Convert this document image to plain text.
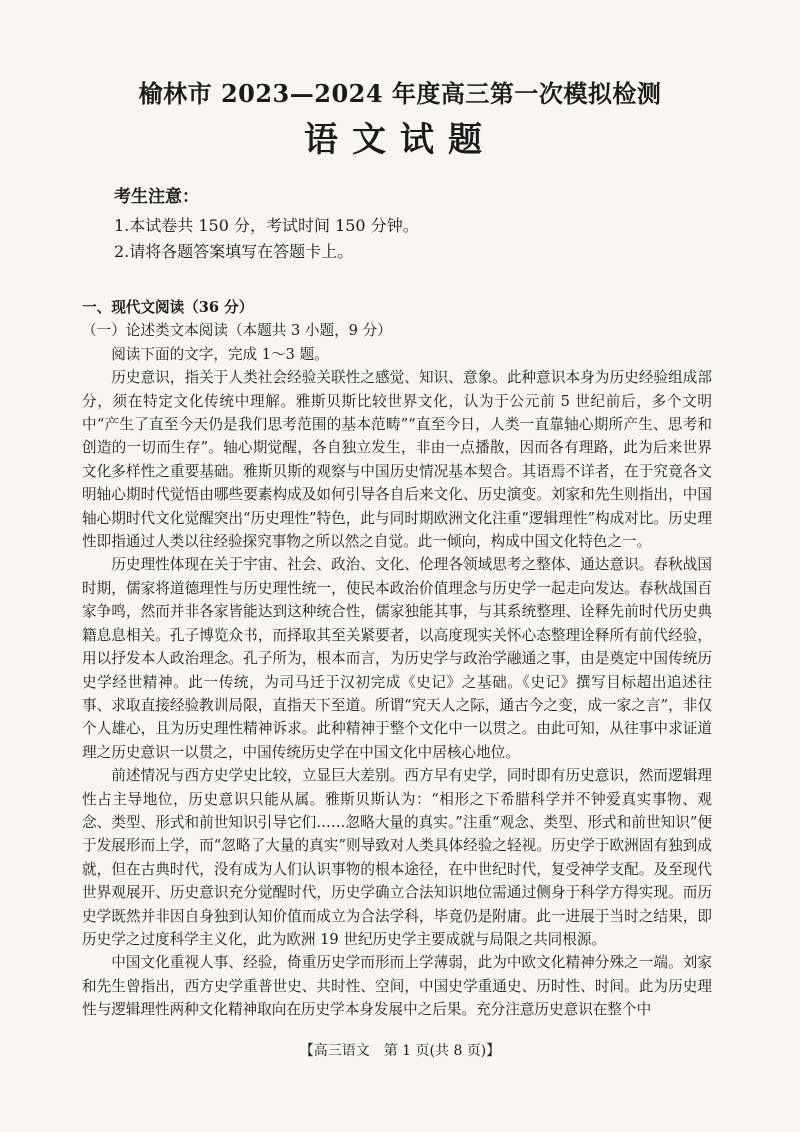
榆林市 2023—2024 年度高三第一次模拟检测
语文试题
考生注意：
1.本试卷共 150 分，考试时间 150 分钟。
2.请将各题答案填写在答题卡上。
一、现代文阅读（36 分）
（一）论述类文本阅读（本题共 3 小题，9 分）

阅读下面的文字，完成 1～3 题。

历史意识，指关于人类社会经验关联性之感觉、知识、意象。此种意识本身为历史经验组成部分，须在特定文化传统中理解。雅斯贝斯比较世界文化，认为于公元前 5 世纪前后，多个文明中“产生了直至今天仍是我们思考范围的基本范畴”“直至今日，人类一直靠轴心期所产生、思考和创造的一切而生存”。轴心期觉醒，各自独立发生，非由一点播散，因而各有理路，此为后来世界文化多样性之重要基础。雅斯贝斯的观察与中国历史情况基本契合。其语焉不详者，在于究竟各文明轴心期时代觉悟由哪些要素构成及如何引导各自后来文化、历史演变。刘家和先生则指出，中国轴心期时代文化觉醒突出“历史理性”特色，此与同时期欧洲文化注重“逻辑理性”构成对比。历史理性即指通过人类以往经验探究事物之所以然之自觉。此一倾向，构成中国文化特色之一。

历史理性体现在关于宇宙、社会、政治、文化、伦理各领域思考之整体、通达意识。春秋战国时期，儒家将道德理性与历史理性统一，使民本政治价值理念与历史学一起走向发达。春秋战国百家争鸣，然而并非各家皆能达到这种统合性，儒家独能其事，与其系统整理、诠释先前时代历史典籍息息相关。孔子博览众书，而择取其至关紧要者，以高度现实关怀心态整理诠释所有前代经验，用以抒发本人政治理念。孔子所为，根本而言，为历史学与政治学融通之事，由是奠定中国传统历史学经世精神。此一传统，为司马迁于汉初完成《史记》之基础。《史记》撰写目标超出追述往事、求取直接经验教训局限，直指天下至道。所谓“究天人之际，通古今之变，成一家之言”，非仅个人雄心，且为历史理性精神诉求。此种精神于整个文化中一以贯之。由此可知，从往事中求证道理之历史意识一以贯之，中国传统历史学在中国文化中居核心地位。

前述情况与西方史学史比较，立显巨大差别。西方早有史学，同时即有历史意识，然而逻辑理性占主导地位，历史意识只能从属。雅斯贝斯认为：“相形之下希腊科学并不钟爱真实事物、观念、类型、形式和前世知识引导它们……忽略大量的真实。”注重“观念、类型、形式和前世知识”便于发展形而上学，而“忽略了大量的真实”则导致对人类具体经验之轻视。历史学于欧洲固有独到成就，但在古典时代，没有成为人们认识事物的根本途径，在中世纪时代，复受神学支配。及至现代世界观展开、历史意识充分觉醒时代，历史学确立合法知识地位需通过侧身于科学方得实现。而历史学既然并非因自身独到认知价值而成立为合法学科，毕竟仍是附庸。此一进展于当时之结果，即历史学之过度科学主义化，此为欧洲 19 世纪历史学主要成就与局限之共同根源。

中国文化重视人事、经验，倚重历史学而形而上学薄弱，此为中欧文化精神分殊之一端。刘家和先生曾指出，西方史学重普世史、共时性、空间，中国史学重通史、历时性、时间。此为历史理性与逻辑理性两种文化精神取向在历史学本身发展中之后果。充分注意历史意识在整个中

【高三语文　第 1 页(共 8 页)】
